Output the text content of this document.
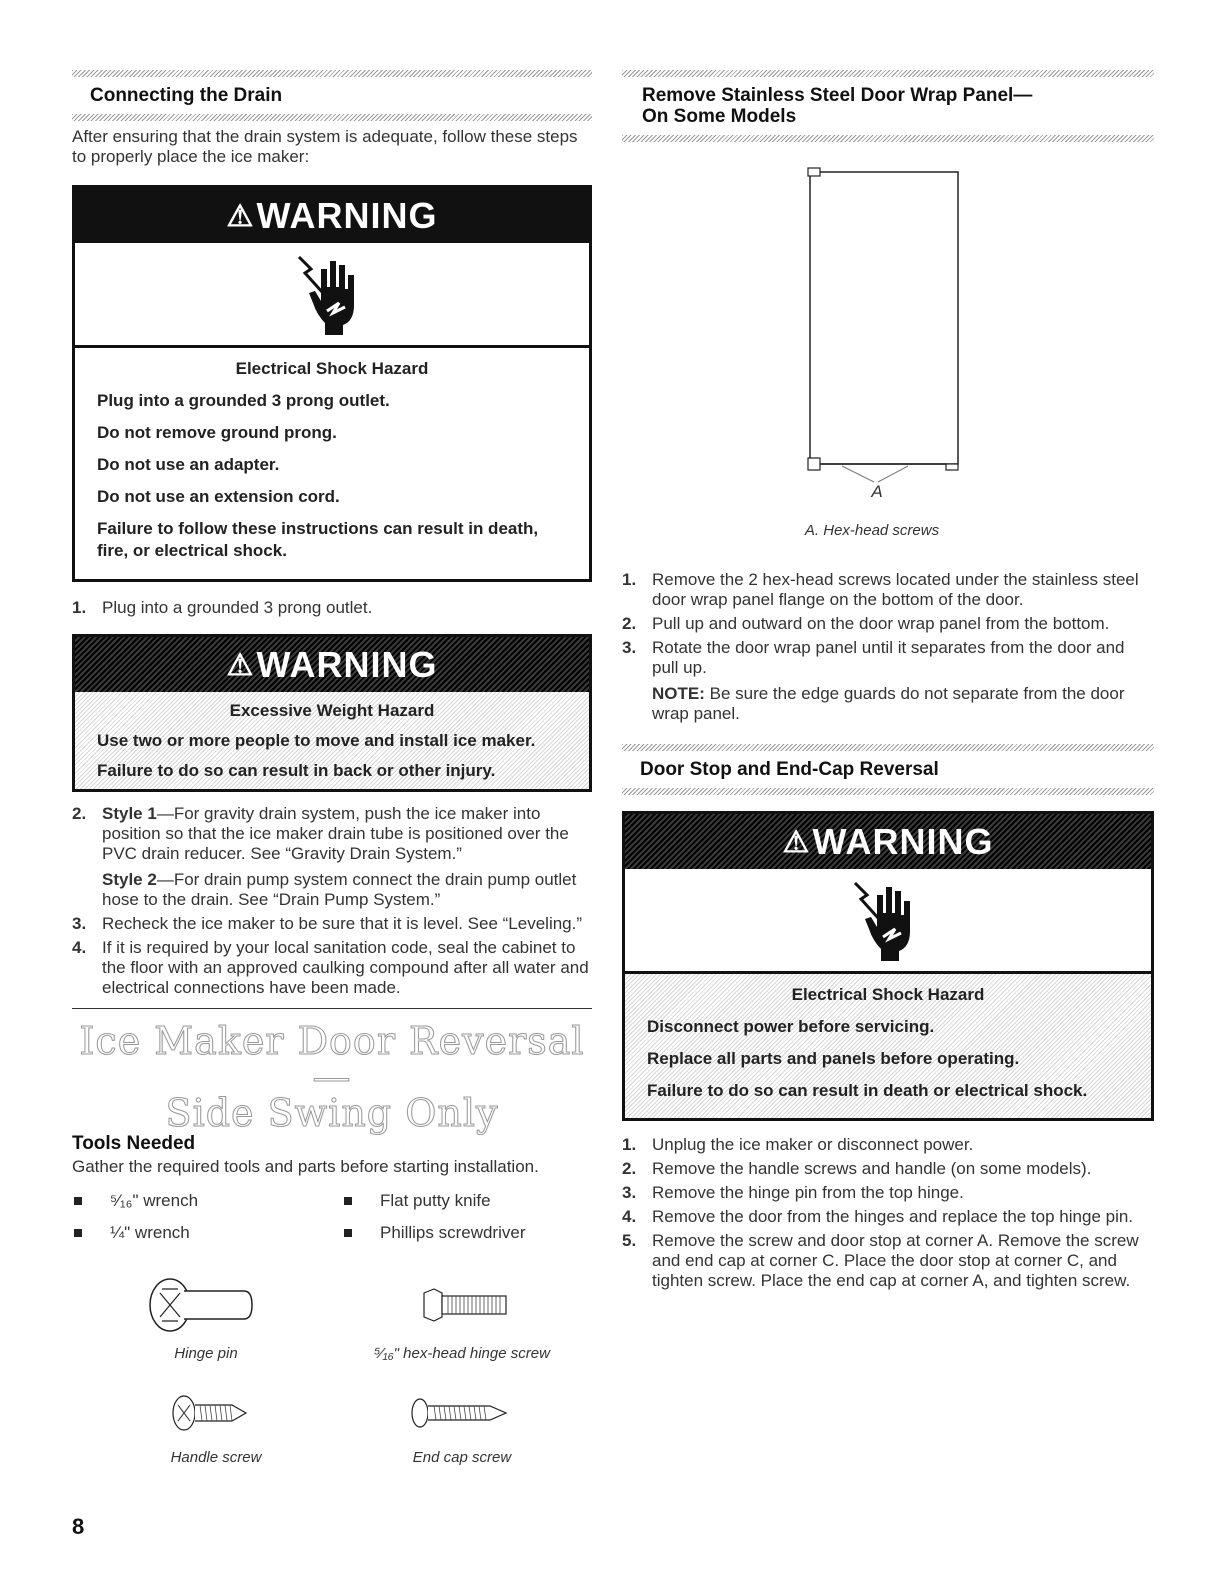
Connecting the Drain

After ensuring that the drain system is adequate, follow these steps to properly place the ice maker:

⚠WARNING
Electrical Shock Hazard

Plug into a grounded 3 prong outlet.

Do not remove ground prong.

Do not use an adapter.

Do not use an extension cord.

Failure to follow these instructions can result in death, fire, or electrical shock.

1. Plug into a grounded 3 prong outlet.
⚠WARNING
Excessive Weight Hazard

Use two or more people to move and install ice maker.

Failure to do so can result in back or other injury.

2. Style 1—For gravity drain system, push the ice maker into position so that the ice maker drain tube is positioned over the PVC drain reducer. See “Gravity Drain System.”
Style 2—For drain pump system connect the drain pump outlet hose to the drain. See “Drain Pump System.”
3. Recheck the ice maker to be sure that it is level. See “Leveling.”
4. If it is required by your local sanitation code, seal the cabinet to the floor with an approved caulking compound after all water and electrical connections have been made.
Ice Maker Door Reversal—
Side Swing Only
Tools Needed

Gather the required tools and parts before starting installation.

⁵⁄₁₆" wrench	Flat putty knife
¼" wrench	Phillips screwdriver
Hinge pin	⁵⁄₁₆" hex-head hinge screw
Handle screw	End cap screw
Remove Stainless Steel Door Wrap Panel—
On Some Models
A
A. Hex-head screws
1. Remove the 2 hex-head screws located under the stainless steel door wrap panel flange on the bottom of the door.
2. Pull up and outward on the door wrap panel from the bottom.
3. Rotate the door wrap panel until it separates from the door and pull up.
NOTE: Be sure the edge guards do not separate from the door wrap panel.
Door Stop and End-Cap Reversal
⚠WARNING
Electrical Shock Hazard

Disconnect power before servicing.

Replace all parts and panels before operating.

Failure to do so can result in death or electrical shock.

1. Unplug the ice maker or disconnect power.
2. Remove the handle screws and handle (on some models).
3. Remove the hinge pin from the top hinge.
4. Remove the door from the hinges and replace the top hinge pin.
5. Remove the screw and door stop at corner A. Remove the screw and end cap at corner C. Place the door stop at corner C, and tighten screw. Place the end cap at corner A, and tighten screw.
8
